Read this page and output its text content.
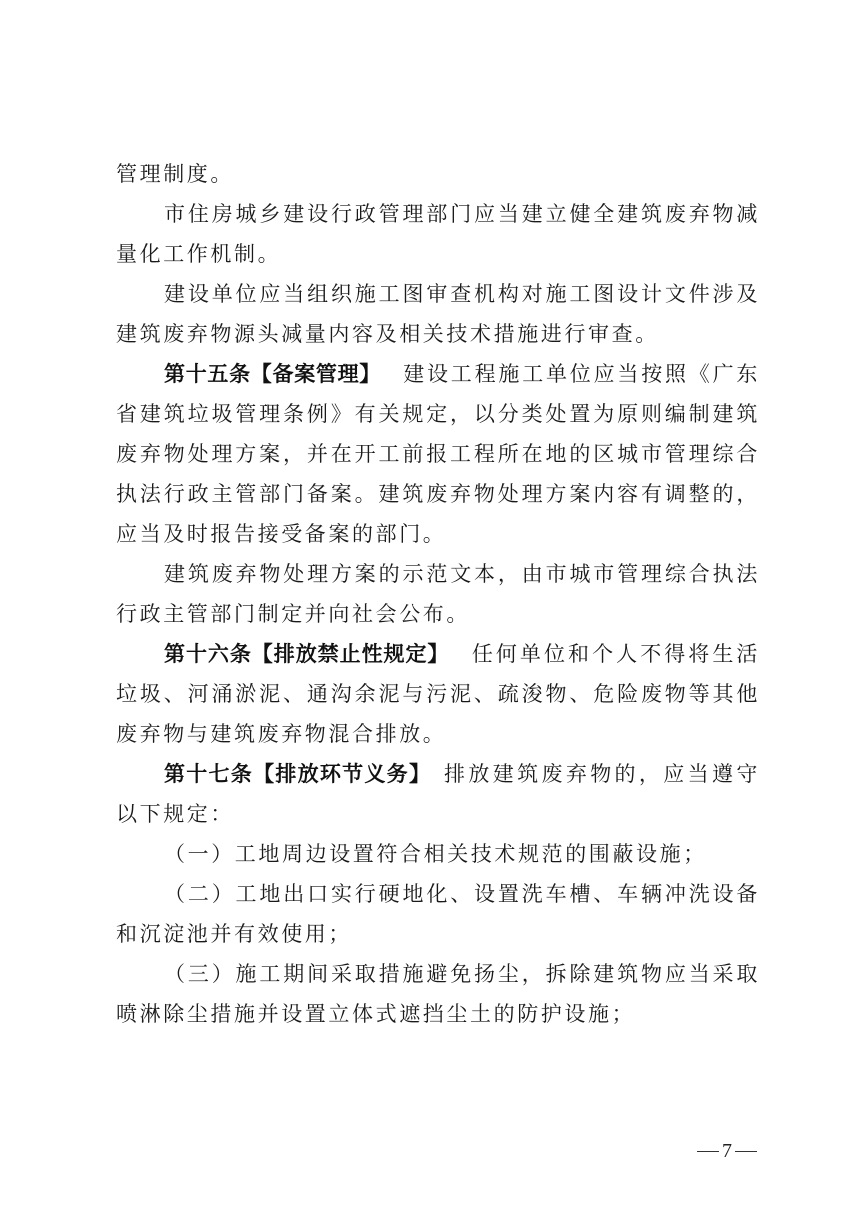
管理制度。

市住房城乡建设行政管理部门应当建立健全建筑废弃物减量化工作机制。

建设单位应当组织施工图审查机构对施工图设计文件涉及建筑废弃物源头减量内容及相关技术措施进行审查。

第十五条【备案管理】 建设工程施工单位应当按照《广东省建筑垃圾管理条例》有关规定，以分类处置为原则编制建筑废弃物处理方案，并在开工前报工程所在地的区城市管理综合执法行政主管部门备案。建筑废弃物处理方案内容有调整的，应当及时报告接受备案的部门。

建筑废弃物处理方案的示范文本，由市城市管理综合执法行政主管部门制定并向社会公布。

第十六条【排放禁止性规定】 任何单位和个人不得将生活垃圾、河涌淤泥、通沟余泥与污泥、疏浚物、危险废物等其他废弃物与建筑废弃物混合排放。

第十七条【排放环节义务】 排放建筑废弃物的，应当遵守以下规定：

（一）工地周边设置符合相关技术规范的围蔽设施；

（二）工地出口实行硬地化、设置洗车槽、车辆冲洗设备和沉淀池并有效使用；

（三）施工期间采取措施避免扬尘，拆除建筑物应当采取喷淋除尘措施并设置立体式遮挡尘土的防护设施；

7
